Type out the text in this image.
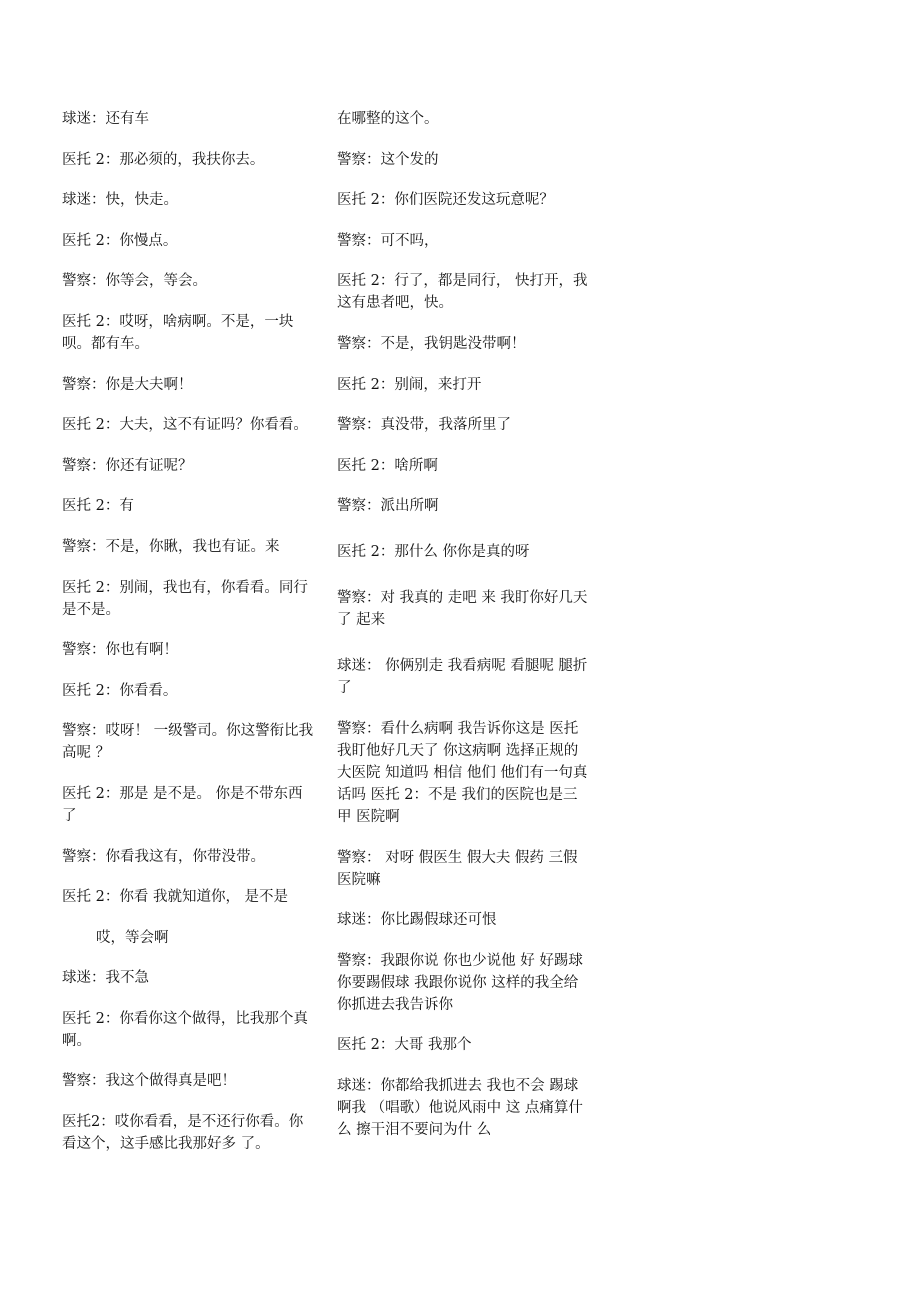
球迷：还有车

医托 2：那必须的，我扶你去。

球迷：快，快走。

医托 2：你慢点。

警察：你等会，等会。

医托 2：哎呀，啥病啊。不是，一块呗。都有车。

警察：你是大夫啊！

医托 2：大夫，这不有证吗？你看看。

警察：你还有证呢？

医托 2：有

警察：不是，你瞅，我也有证。来

医托 2：别闹，我也有，你看看。同行是不是。

警察：你也有啊！

医托 2：你看看。

警察：哎呀！ 一级警司。你这警衔比我高呢 ？

医托 2：那是 是不是。 你是不带东西了

警察：你看我这有，你带没带。

医托 2：你看 我就知道你， 是不是

哎，等会啊

球迷：我不急

医托 2：你看你这个做得，比我那个真啊。

警察：我这个做得真是吧！

医托2：哎你看看，是不还行你看。你看这个，这手感比我那好多 了。

在哪整的这个。

警察：这个发的

医托 2：你们医院还发这玩意呢？

警察：可不吗，

医托 2：行了，都是同行， 快打开，我这有患者吧，快。

警察：不是，我钥匙没带啊！

医托 2：别闹，来打开

警察：真没带，我落所里了

医托 2：啥所啊

警察：派出所啊

医托 2：那什么 你你是真的呀

警察：对 我真的 走吧 来 我盯你好几天了 起来

球迷： 你俩别走 我看病呢 看腿呢 腿折了

警察：看什么病啊 我告诉你这是 医托 我盯他好几天了 你这病啊 选择正规的大医院 知道吗 相信 他们 他们有一句真话吗 医托 2：不是 我们的医院也是三甲 医院啊

警察： 对呀 假医生 假大夫 假药 三假医院嘛

球迷：你比踢假球还可恨

警察：我跟你说 你也少说他 好 好踢球 你要踢假球 我跟你说你 这样的我全给你抓进去我告诉你

医托 2：大哥 我那个

球迷：你都给我抓进去 我也不会 踢球啊我 （唱歌）他说风雨中 这 点痛算什么 擦干泪不要问为什 么
